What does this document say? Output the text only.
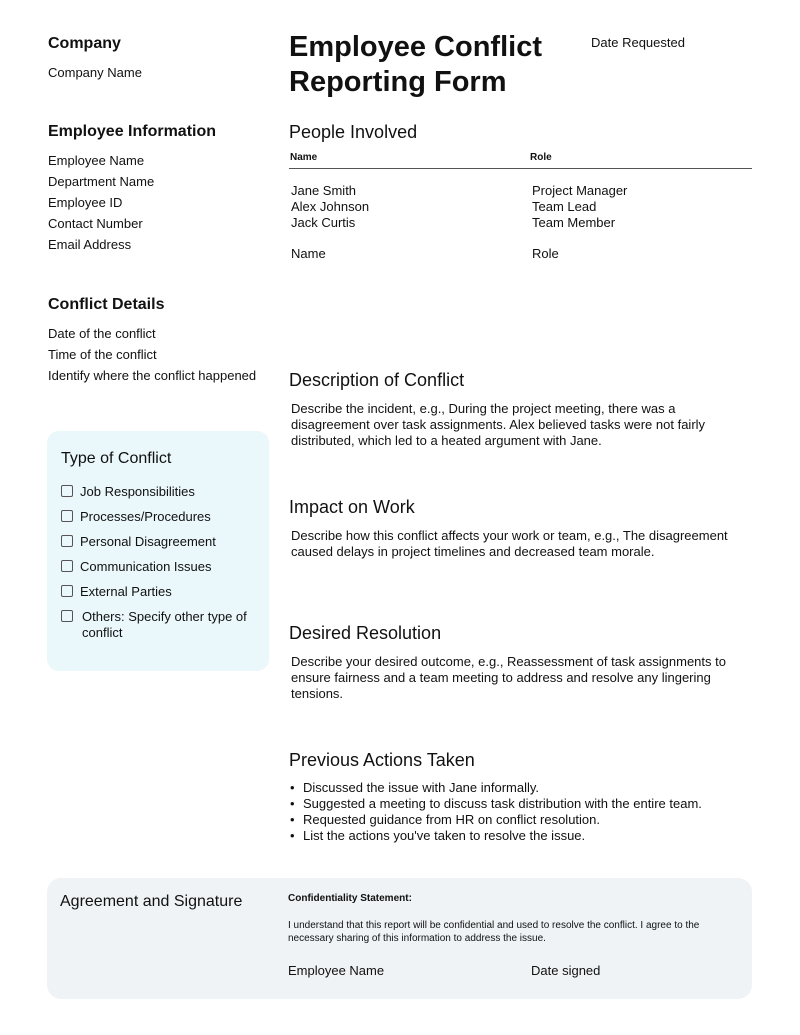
Company
Company Name
Employee Conflict Reporting Form
Date Requested
Employee Information
Employee Name
Department Name
Employee ID
Contact Number
Email Address
Conflict Details
Date of the conflict
Time of the conflict
Identify where the conflict happened
Type of Conflict
Job Responsibilities
Processes/Procedures
Personal Disagreement
Communication Issues
External Parties
Others: Specify other type of conflict
People Involved
Name	Role
Jane Smith	Project Manager
Alex Johnson	Team Lead
Jack Curtis	Team Member
Name	Role
Description of Conflict
Describe the incident, e.g., During the project meeting, there was a disagreement over task assignments. Alex believed tasks were not fairly distributed, which led to a heated argument with Jane.
Impact on Work
Describe how this conflict affects your work or team, e.g., The disagreement caused delays in project timelines and decreased team morale.
Desired Resolution
Describe your desired outcome, e.g., Reassessment of task assignments to ensure fairness and a team meeting to address and resolve any lingering tensions.
Previous Actions Taken
• Discussed the issue with Jane informally.
• Suggested a meeting to discuss task distribution with the entire team.
• Requested guidance from HR on conflict resolution.
• List the actions you've taken to resolve the issue.
Agreement and Signature	Confidentiality Statement:
I understand that this report will be confidential and used to resolve the conflict. I agree to the necessary sharing of this information to address the issue.
Employee Name	Date signed
